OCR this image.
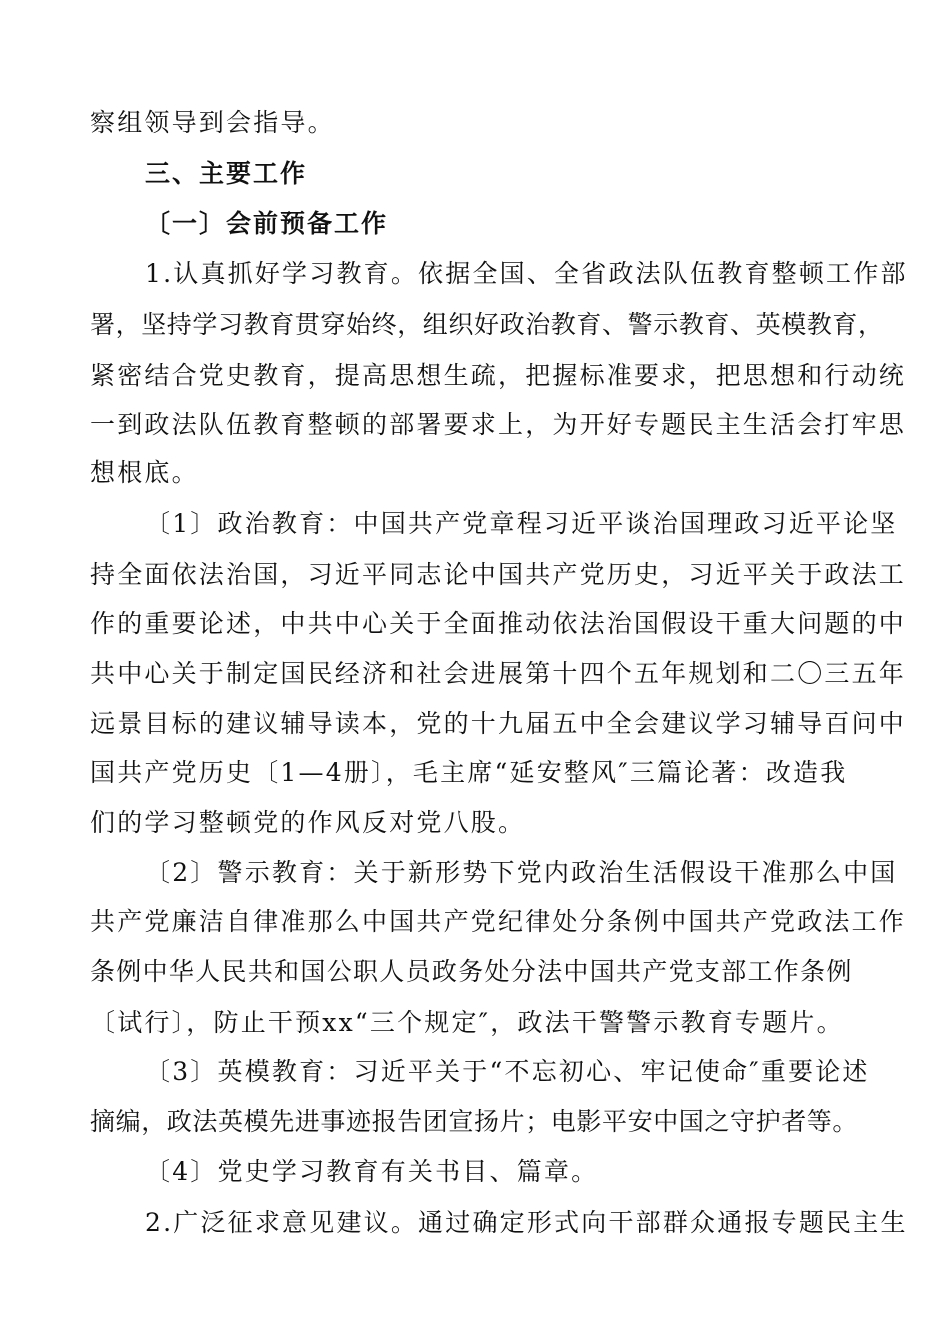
察组领导到会指导。

三、主要工作

〔一〕会前预备工作

1.认真抓好学习教育。依据全国、全省政法队伍教育整顿工作部

署，坚持学习教育贯穿始终，组织好政治教育、警示教育、英模教育，

紧密结合党史教育，提高思想生疏，把握标准要求，把思想和行动统

一到政法队伍教育整顿的部署要求上，为开好专题民主生活会打牢思

想根底。

〔1〕政治教育：中国共产党章程习近平谈治国理政习近平论坚

持全面依法治国，习近平同志论中国共产党历史，习近平关于政法工

作的重要论述，中共中心关于全面推动依法治国假设干重大问题的中

共中心关于制定国民经济和社会进展第十四个五年规划和二〇三五年

远景目标的建议辅导读本，党的十九届五中全会建议学习辅导百问中

国共产党历史〔1—4册〕，毛主席“延安整风″三篇论著：改造我

们的学习整顿党的作风反对党八股。

〔2〕警示教育：关于新形势下党内政治生活假设干准那么中国

共产党廉洁自律准那么中国共产党纪律处分条例中国共产党政法工作

条例中华人民共和国公职人员政务处分法中国共产党支部工作条例

〔试行〕，防止干预xx“三个规定″，政法干警警示教育专题片。

〔3〕英模教育：习近平关于“不忘初心、牢记使命″重要论述

摘编，政法英模先进事迹报告团宣扬片；电影平安中国之守护者等。

〔4〕党史学习教育有关书目、篇章。

2.广泛征求意见建议。通过确定形式向干部群众通报专题民主生
